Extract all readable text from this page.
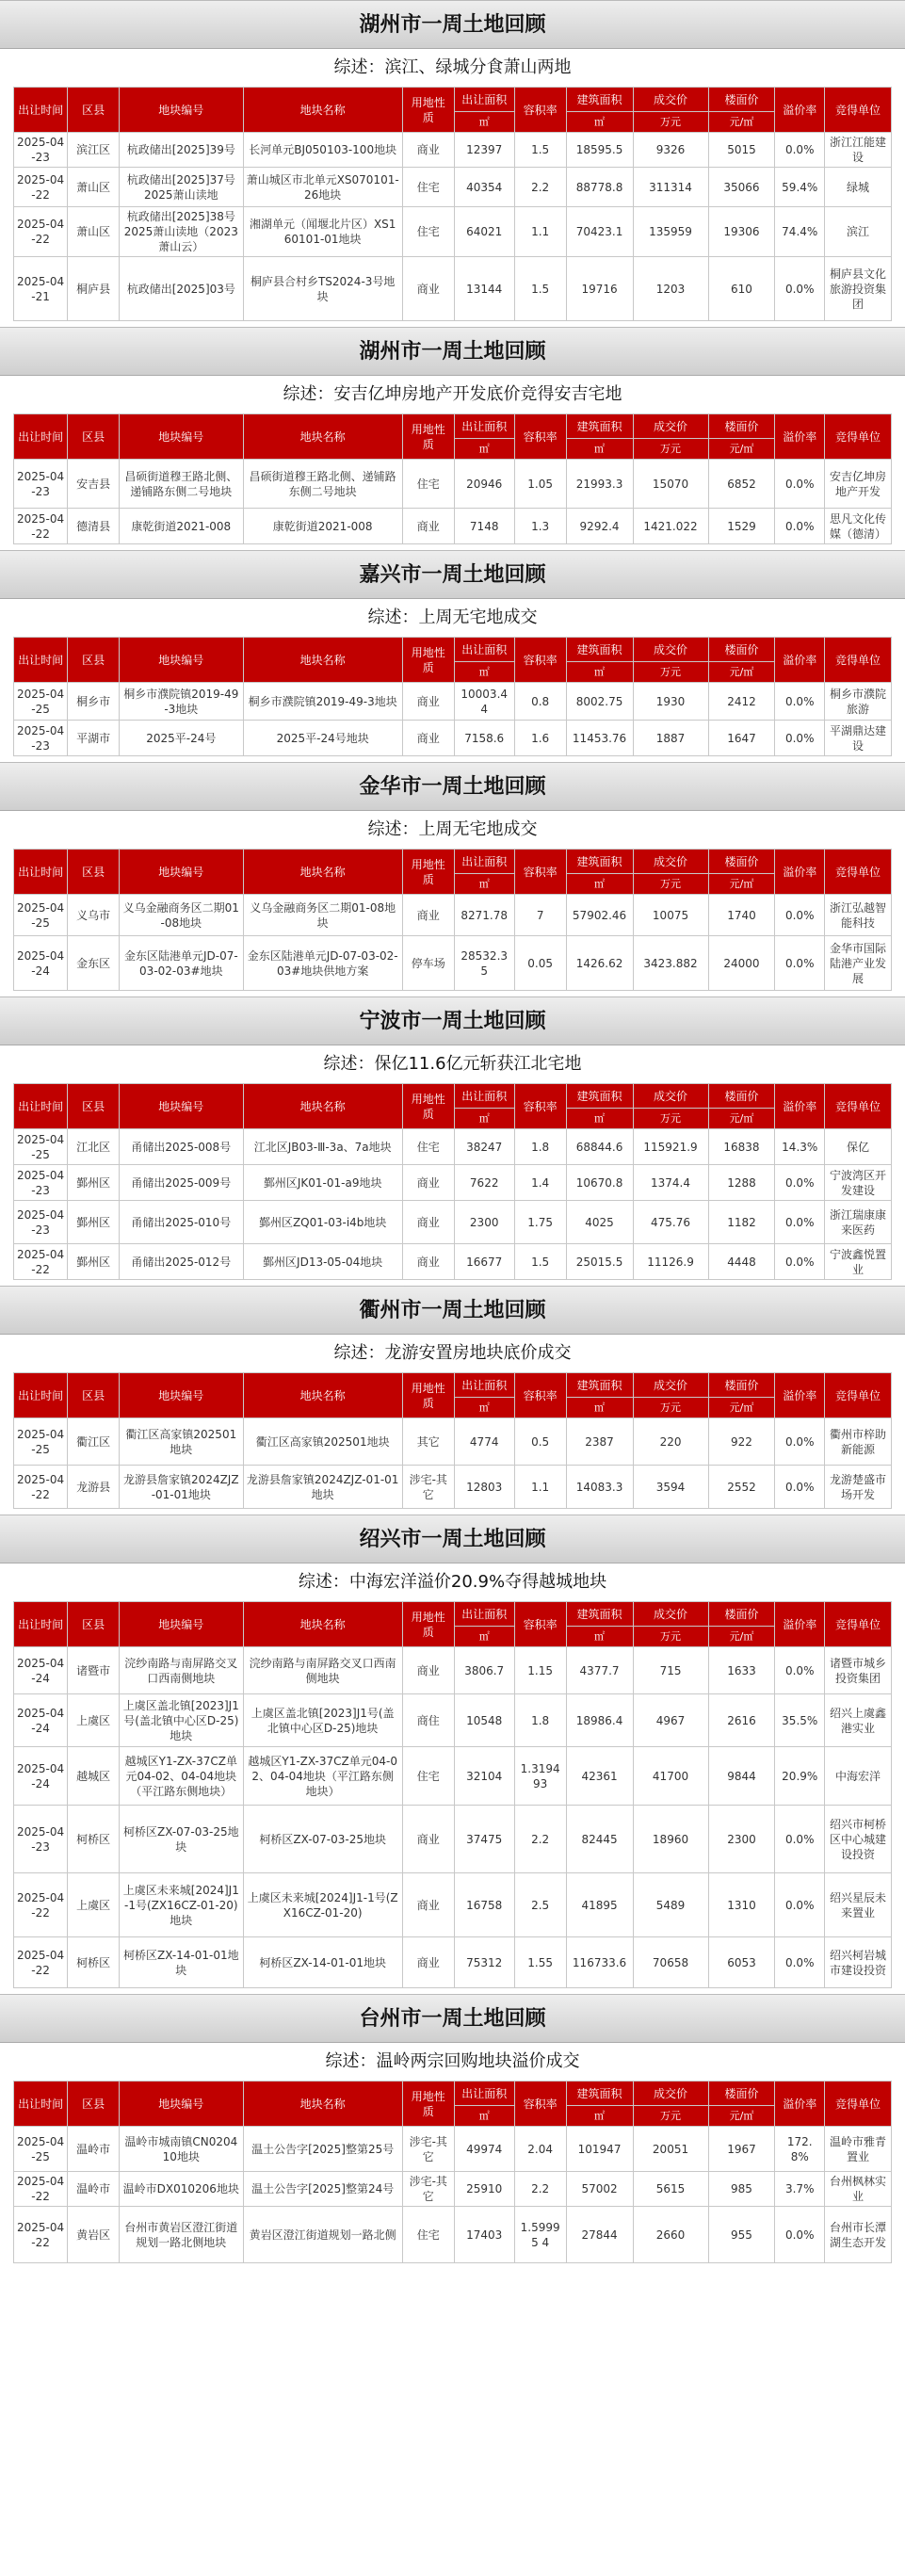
湖州市一周土地回顾
综述：滨江、绿城分食萧山两地
出让时间	区县	地块编号	地块名称	用地性质	出让面积	容积率	建筑面积	成交价	楼面价	溢价率	竞得单位
					㎡		㎡	万元	元/㎡		
2025-04-23	滨江区	杭政储出[2025]39号	长河单元BJ050103-100地块	商业	12397	1.5	18595.5	9326	5015	0.0%	浙江江能建设
2025-04-22	萧山区	杭政储出[2025]37号 2025萧山读地	萧山城区市北单元XS070101-26地块	住宅	40354	2.2	88778.8	311314	35066	59.4%	绿城
2025-04-22	萧山区	杭政储出[2025]38号 2025萧山读地（2023萧山云）	湘湖单元（闻堰北片区）XS160101-01地块	住宅	64021	1.1	70423.1	135959	19306	74.4%	滨江
2025-04-21	桐庐县	杭政储出[2025]03号	桐庐县合村乡TS2024-3号地块	商业	13144	1.5	19716	1203	610	0.0%	桐庐县文化旅游投资集团
湖州市一周土地回顾
综述：安吉亿坤房地产开发底价竞得安吉宅地
出让时间	区县	地块编号	地块名称	用地性质	出让面积	容积率	建筑面积	成交价	楼面价	溢价率	竞得单位
					㎡		㎡	万元	元/㎡		
2025-04-23	安吉县	昌硕街道穆王路北侧、递铺路东侧二号地块	昌硕街道穆王路北侧、递铺路东侧二号地块	住宅	20946	1.05	21993.3	15070	6852	0.0%	安吉亿坤房地产开发
2025-04-22	德清县	康乾街道2021-008	康乾街道2021-008	商业	7148	1.3	9292.4	1421.022	1529	0.0%	思凡文化传媒（德清）
嘉兴市一周土地回顾
综述：上周无宅地成交
出让时间	区县	地块编号	地块名称	用地性质	出让面积	容积率	建筑面积	成交价	楼面价	溢价率	竞得单位
					㎡		㎡	万元	元/㎡		
2025-04-25	桐乡市	桐乡市濮院镇2019-49-3地块	桐乡市濮院镇2019-49-3地块	商业	10003.44	0.8	8002.75	1930	2412	0.0%	桐乡市濮院旅游
2025-04-23	平湖市	2025平-24号	2025平-24号地块	商业	7158.6	1.6	11453.76	1887	1647	0.0%	平湖鼎达建设
金华市一周土地回顾
综述：上周无宅地成交
出让时间	区县	地块编号	地块名称	用地性质	出让面积	容积率	建筑面积	成交价	楼面价	溢价率	竞得单位
					㎡		㎡	万元	元/㎡		
2025-04-25	义乌市	义乌金融商务区二期01-08地块	义乌金融商务区二期01-08地块	商业	8271.78	7	57902.46	10075	1740	0.0%	浙江弘越智能科技
2025-04-24	金东区	金东区陆港单元JD-07-03-02-03#地块	金东区陆港单元JD-07-03-02-03#地块供地方案	停车场	28532.35	0.05	1426.62	3423.882	24000	0.0%	金华市国际陆港产业发展
宁波市一周土地回顾
综述：保亿11.6亿元斩获江北宅地
出让时间	区县	地块编号	地块名称	用地性质	出让面积	容积率	建筑面积	成交价	楼面价	溢价率	竞得单位
					㎡		㎡	万元	元/㎡		
2025-04-25	江北区	甬储出2025-008号	江北区JB03-Ⅲ-3a、7a地块	住宅	38247	1.8	68844.6	115921.9	16838	14.3%	保亿
2025-04-23	鄞州区	甬储出2025-009号	鄞州区JK01-01-a9地块	商业	7622	1.4	10670.8	1374.4	1288	0.0%	宁波湾区开发建设
2025-04-23	鄞州区	甬储出2025-010号	鄞州区ZQ01-03-i4b地块	商业	2300	1.75	4025	475.76	1182	0.0%	浙江瑞康康来医药
2025-04-22	鄞州区	甬储出2025-012号	鄞州区JD13-05-04地块	商业	16677	1.5	25015.5	11126.9	4448	0.0%	宁波鑫悦置业
衢州市一周土地回顾
综述：龙游安置房地块底价成交
出让时间	区县	地块编号	地块名称	用地性质	出让面积	容积率	建筑面积	成交价	楼面价	溢价率	竞得单位
					㎡		㎡	万元	元/㎡		
2025-04-25	衢江区	衢江区高家镇202501地块	衢江区高家镇202501地块	其它	4774	0.5	2387	220	922	0.0%	衢州市梓助新能源
2025-04-22	龙游县	龙游县詹家镇2024ZJZ-01-01地块	龙游县詹家镇2024ZJZ-01-01地块	涉宅-其它	12803	1.1	14083.3	3594	2552	0.0%	龙游楚盛市场开发
绍兴市一周土地回顾
综述：中海宏洋溢价20.9%夺得越城地块
出让时间	区县	地块编号	地块名称	用地性质	出让面积	容积率	建筑面积	成交价	楼面价	溢价率	竞得单位
					㎡		㎡	万元	元/㎡		
2025-04-24	诸暨市	浣纱南路与南屏路交叉口西南侧地块	浣纱南路与南屏路交叉口西南侧地块	商业	3806.7	1.15	4377.7	715	1633	0.0%	诸暨市城乡投资集团
2025-04-24	上虞区	上虞区盖北镇[2023]J1号(盖北镇中心区D-25)地块	上虞区盖北镇[2023]J1号(盖北镇中心区D-25)地块	商住	10548	1.8	18986.4	4967	2616	35.5%	绍兴上虞鑫港实业
2025-04-24	越城区	越城区Y1-ZX-37CZ单元04-02、04-04地块（平江路东侧地块）	越城区Y1-ZX-37CZ单元04-02、04-04地块（平江路东侧地块）	住宅	32104	1.319493	42361	41700	9844	20.9%	中海宏洋
2025-04-23	柯桥区	柯桥区ZX-07-03-25地块	柯桥区ZX-07-03-25地块	商业	37475	2.2	82445	18960	2300	0.0%	绍兴市柯桥区中心城建设投资
2025-04-22	上虞区	上虞区未来城[2024]J1-1号(ZX16CZ-01-20)地块	上虞区未来城[2024]J1-1号(ZX16CZ-01-20)	商业	16758	2.5	41895	5489	1310	0.0%	绍兴星辰未来置业
2025-04-22	柯桥区	柯桥区ZX-14-01-01地块	柯桥区ZX-14-01-01地块	商业	75312	1.55	116733.6	70658	6053	0.0%	绍兴柯岩城市建设投资
台州市一周土地回顾
综述：温岭两宗回购地块溢价成交
出让时间	区县	地块编号	地块名称	用地性质	出让面积	容积率	建筑面积	成交价	楼面价	溢价率	竞得单位
					㎡		㎡	万元	元/㎡		
2025-04-25	温岭市	温岭市城南镇CN020410地块	温土公告字[2025]整第25号	涉宅-其它	49974	2.04	101947	20051	1967	172.8%	温岭市雅青置业
2025-04-22	温岭市	温岭市DX010206地块	温土公告字[2025]整第24号	涉宅-其它	25910	2.2	57002	5615	985	3.7%	台州枫林实业
2025-04-22	黄岩区	台州市黄岩区澄江街道规划一路北侧地块	黄岩区澄江街道规划一路北侧	住宅	17403	1.59995 4	27844	2660	955	0.0%	台州市长潭湖生态开发
